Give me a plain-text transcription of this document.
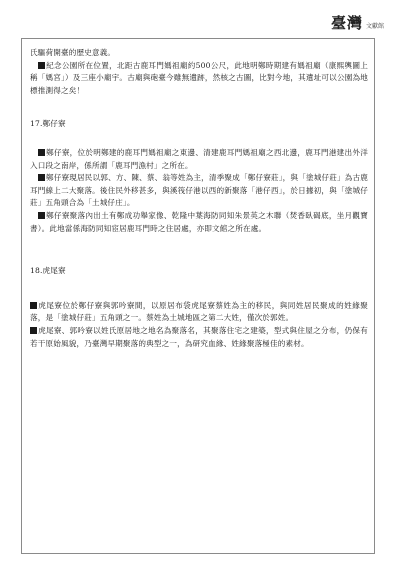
臺灣 文獻館

氏驅荷開臺的歷史意義。

紀念公園所在位置，北距古鹿耳門媽祖廟約500公尺，此地明鄭時期建有媽祖廟（康熙輿圖上稱「媽宮」）及三座小廟宇。古廟與砲臺今雖無遺跡，然核之古圖，比對今地，其遺址可以公園為地標推測得之矣！

17.鄭仔寮

鄭仔寮，位於明鄭建的鹿耳門媽祖廟之東邊、清建鹿耳門媽祖廟之西北邊，鹿耳門港建出外洋入口段之南岸，係所謂「鹿耳門漁村」之所在。

鄭仔寮現居民以郭、方、陳、蔡、翁等姓為主，清季聚成「鄭仔寮莊」，與「塗城仔莊」為古鹿耳門線上二大聚落。後住民外移甚多，與溪筏仔港以西的新聚落「港仔西」，於日據初，與「塗城仔莊」五角頭合為「土城仔庄」。

鄭仔寮聚落內出土有鄭成功舉家像、乾隆中葉海防同知朱景英之木聯（焚香臥碣底，坐月觀寶書）。此地當係海防同知宦居鹿耳門時之住居處，亦即文館之所在處。

18.虎尾寮

虎尾寮位於鄭仔寮與郭吟寮間，以原居布袋虎尾寮蔡姓為主的移民，與同姓居民聚成的姓緣聚落，是「塗城仔莊」五角頭之一。蔡姓為土城地區之第二大姓，僅次於郭姓。

虎尾寮、郭吟寮以姓氏原居地之地名為聚落名，其聚落住宅之建築，型式與住屋之分布，仍保有若干原始風貌，乃臺灣早期聚落的典型之一，為研究血緣、姓緣聚落極佳的素材。
